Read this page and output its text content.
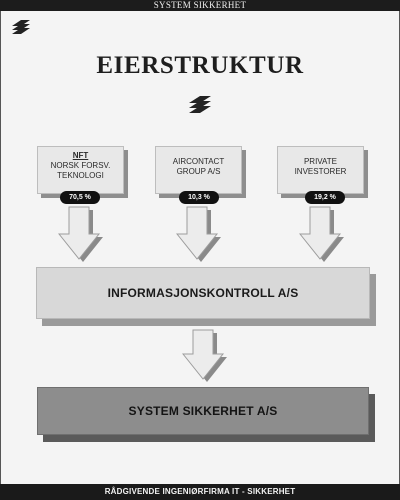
SYSTEM SIKKERHET
EIERSTRUKTUR
NFT
NORSK FORSV.
TEKNOLOGI
AIRCONTACT
GROUP A/S
PRIVATE
INVESTORER
70,5 %	10,3 %	19,2 %
INFORMASJONSKONTROLL A/S
SYSTEM SIKKERHET A/S
RÅDGIVENDE INGENIØRFIRMA IT - SIKKERHET
